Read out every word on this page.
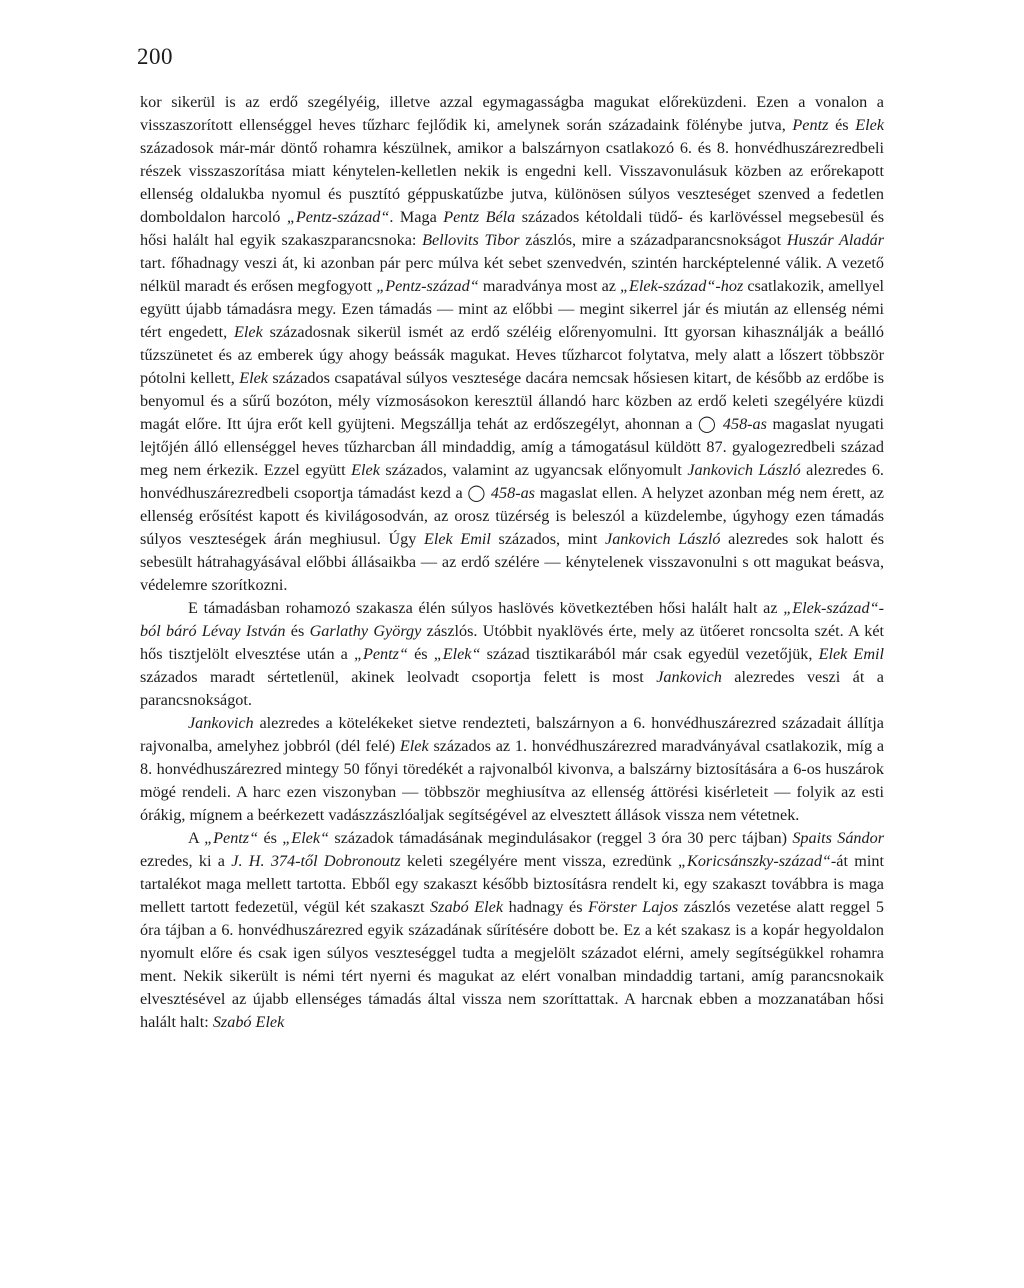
200

kor sikerül is az erdő szegélyéig, illetve azzal egymagasságba magukat előreküzdeni. Ezen a vonalon a visszaszorított ellenséggel heves tűzharc fejlődik ki, amelynek során századaink fölénybe jutva, Pentz és Elek századosok már-már döntő rohamra készülnek, amikor a balszárnyon csatlakozó 6. és 8. honvédhuszárezredbeli részek visszaszorítása miatt kénytelen-kelletlen nekik is engedni kell. Visszavonulásuk közben az erőrekapott ellenség oldalukba nyomul és pusztító géppuskatűzbe jutva, különösen súlyos veszteséget szenved a fedetlen domboldalon harcoló „Pentz-század“. Maga Pentz Béla százados kétoldali tüdő- és karlövéssel megsebesül és hősi halált hal egyik szakaszparancsnoka: Bellovits Tibor zászlós, mire a századparancsnokságot Huszár Aladár tart. főhadnagy veszi át, ki azonban pár perc múlva két sebet szenvedvén, szintén harcképtelenné válik. A vezető nélkül maradt és erősen megfogyott „Pentz-század“ maradványa most az „Elek-század“-hoz csatlakozik, amellyel együtt újabb támadásra megy. Ezen támadás — mint az előbbi — megint sikerrel jár és miután az ellenség némi tért engedett, Elek századosnak sikerül ismét az erdő széléig előrenyomulni. Itt gyorsan kihasználják a beálló tűzszünetet és az emberek úgy ahogy beássák magukat. Heves tűzharcot folytatva, mely alatt a lőszert többször pótolni kellett, Elek százados csapatával súlyos vesztesége dacára nemcsak hősiesen kitart, de később az erdőbe is benyomul és a sűrű bozóton, mély vízmosásokon keresztül állandó harc közben az erdő keleti szegélyére küzdi magát előre. Itt újra erőt kell gyüjteni. Megszállja tehát az erdőszegélyt, ahonnan a ◯ 458-as magaslat nyugati lejtőjén álló ellenséggel heves tűzharcban áll mindaddig, amíg a támogatásul küldött 87. gyalogezredbeli század meg nem érkezik. Ezzel együtt Elek százados, valamint az ugyancsak előnyomult Jankovich László alezredes 6. honvédhuszárezredbeli csoportja támadást kezd a ◯ 458-as magaslat ellen. A helyzet azonban még nem érett, az ellenség erősítést kapott és kivilágosodván, az orosz tüzérség is beleszól a küzdelembe, úgyhogy ezen támadás súlyos veszteségek árán meghiusul. Úgy Elek Emil százados, mint Jankovich László alezredes sok halott és sebesült hátrahagyásával előbbi állásaikba — az erdő szélére — kénytelenek visszavonulni s ott magukat beásva, védelemre szorítkozni.

E támadásban rohamozó szakasza élén súlyos haslövés következtében hősi halált halt az „Elek-század“-ból báró Lévay István és Garlathy György zászlós. Utóbbit nyaklövés érte, mely az ütőeret roncsolta szét. A két hős tisztjelölt elvesztése után a „Pentz“ és „Elek“ század tisztikarából már csak egyedül vezetőjük, Elek Emil százados maradt sértetlenül, akinek leolvadt csoportja felett is most Jankovich alezredes veszi át a parancsnokságot.

Jankovich alezredes a kötelékeket sietve rendezteti, balszárnyon a 6. honvédhuszárezred századait állítja rajvonalba, amelyhez jobbról (dél felé) Elek százados az 1. honvédhuszárezred maradványával csatlakozik, míg a 8. honvédhuszárezred mintegy 50 főnyi töredékét a rajvonalból kivonva, a balszárny biztosítására a 6-os huszárok mögé rendeli. A harc ezen viszonyban — többször meghiusítva az ellenség áttörési kisérleteit — folyik az esti órákig, mígnem a beérkezett vadászzászlóaljak segítségével az elvesztett állások vissza nem vétetnek.

A „Pentz“ és „Elek“ századok támadásának megindulásakor (reggel 3 óra 30 perc tájban) Spaits Sándor ezredes, ki a J. H. 374-től Dobronoutz keleti szegélyére ment vissza, ezredünk „Koricsánszky-század“-át mint tartalékot maga mellett tartotta. Ebből egy szakaszt később biztosításra rendelt ki, egy szakaszt továbbra is maga mellett tartott fedezetül, végül két szakaszt Szabó Elek hadnagy és Förster Lajos zászlós vezetése alatt reggel 5 óra tájban a 6. honvédhuszárezred egyik századának sűrítésére dobott be. Ez a két szakasz is a kopár hegyoldalon nyomult előre és csak igen súlyos veszteséggel tudta a megjelölt századot elérni, amely segítségükkel rohamra ment. Nekik sikerült is némi tért nyerni és magukat az elért vonalban mindaddig tartani, amíg parancsnokaik elvesztésével az újabb ellenséges támadás által vissza nem szoríttattak. A harcnak ebben a mozzanatában hősi halált halt: Szabó Elek
